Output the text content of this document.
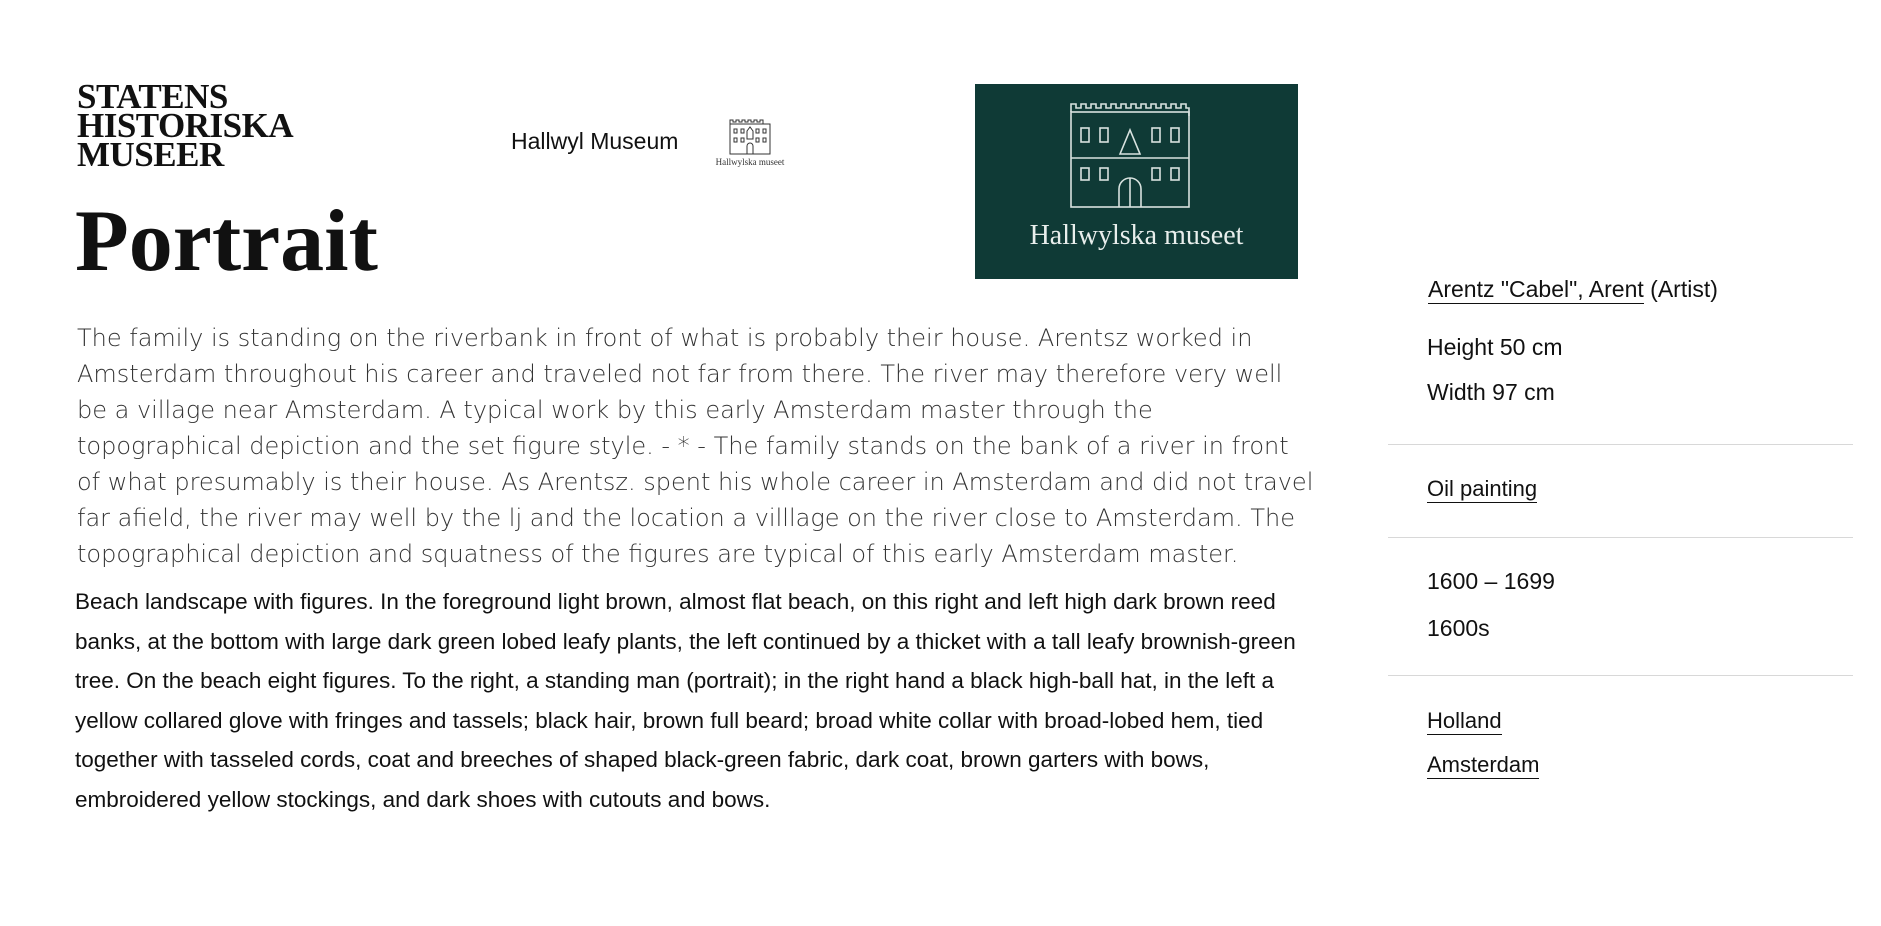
STATENS
HISTORISKA
MUSEER	Hallwyl Museum
Hallwylska museet
Hallwylska museet
Portrait

The family is standing on the riverbank in front of what is probably their house. Arentsz worked in Amsterdam throughout his career and traveled not far from there. The river may therefore very well be a village near Amsterdam. A typical work by this early Amsterdam master through the topographical depiction and the set figure style. - * - The family stands on the bank of a river in front of what presumably is their house. As Arentsz. spent his whole career in Amsterdam and did not travel far afield, the river may well by the lj and the location a villlage on the river close to Amsterdam. The topographical depiction and squatness of the figures are typical of this early Amsterdam master.

Beach landscape with figures. In the foreground light brown, almost flat beach, on this right and left high dark brown reed banks, at the bottom with large dark green lobed leafy plants, the left continued by a thicket with a tall leafy brownish-green tree. On the beach eight figures. To the right, a standing man (portrait); in the right hand a black high-ball hat, in the left a yellow collared glove with fringes and tassels; black hair, brown full beard; broad white collar with broad-lobed hem, tied together with tasseled cords, coat and breeches of shaped black-green fabric, dark coat, brown garters with bows, embroidered yellow stockings, and dark shoes with cutouts and bows.

Arentz "Cabel", Arent (Artist)
Height 50 cm
Width 97 cm
Oil painting
1600 – 1699
1600s
Holland
Amsterdam
